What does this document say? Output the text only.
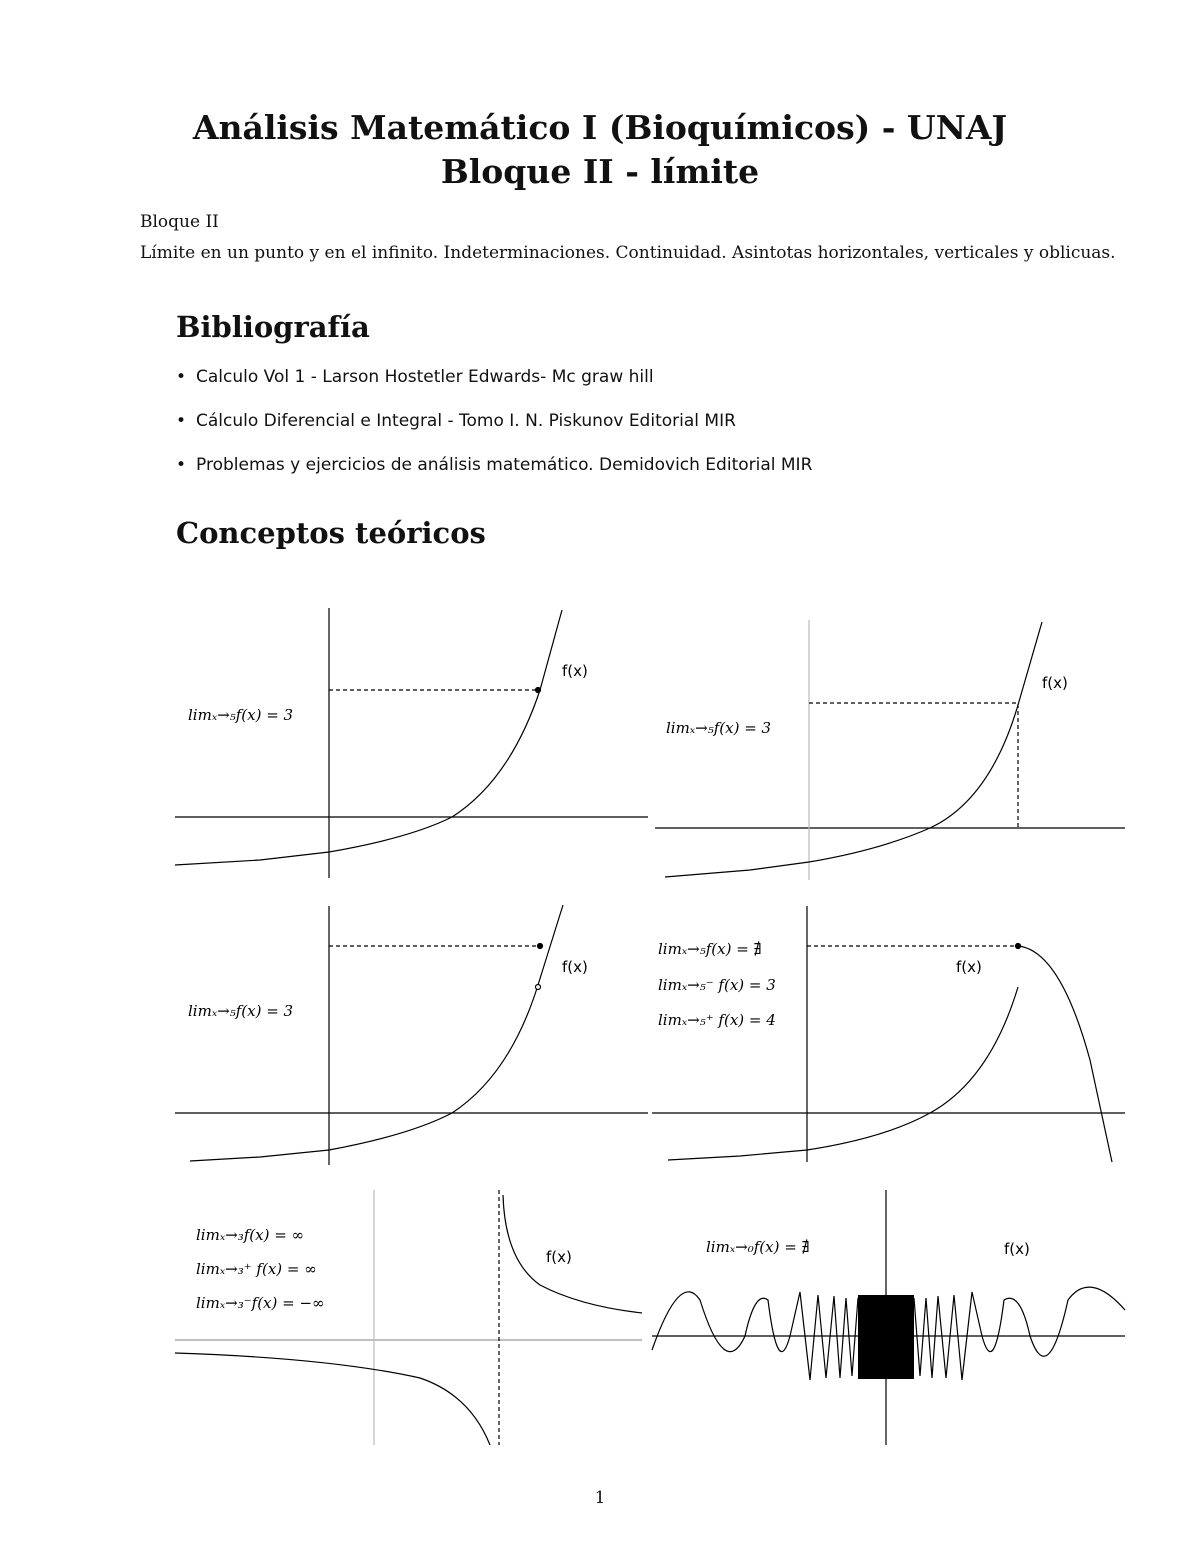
Análisis Matemático I (Bioquímicos) - UNAJ
Bloque II - límite
Bloque II
Límite en un punto y en el infinito. Indeterminaciones. Continuidad. Asintotas horizontales, verticales y oblicuas.
Bibliografía
• Calculo Vol 1 - Larson Hostetler Edwards- Mc graw hill
• Cálculo Diferencial e Integral - Tomo I. N. Piskunov Editorial MIR
• Problemas y ejercicios de análisis matemático. Demidovich Editorial MIR
Conceptos teóricos
limₓ→₅f(x) = 3
f(x)
limₓ→₅f(x) = 3
f(x)
limₓ→₅f(x) = 3
f(x)
limₓ→₅f(x) = ∄
limₓ→₅⁻ f(x) = 3
limₓ→₅⁺ f(x) = 4
f(x)
limₓ→₃f(x) = ∞
limₓ→₃⁺ f(x) = ∞
limₓ→₃⁻f(x) = −∞
f(x)
limₓ→₀f(x) = ∄	f(x)
1
